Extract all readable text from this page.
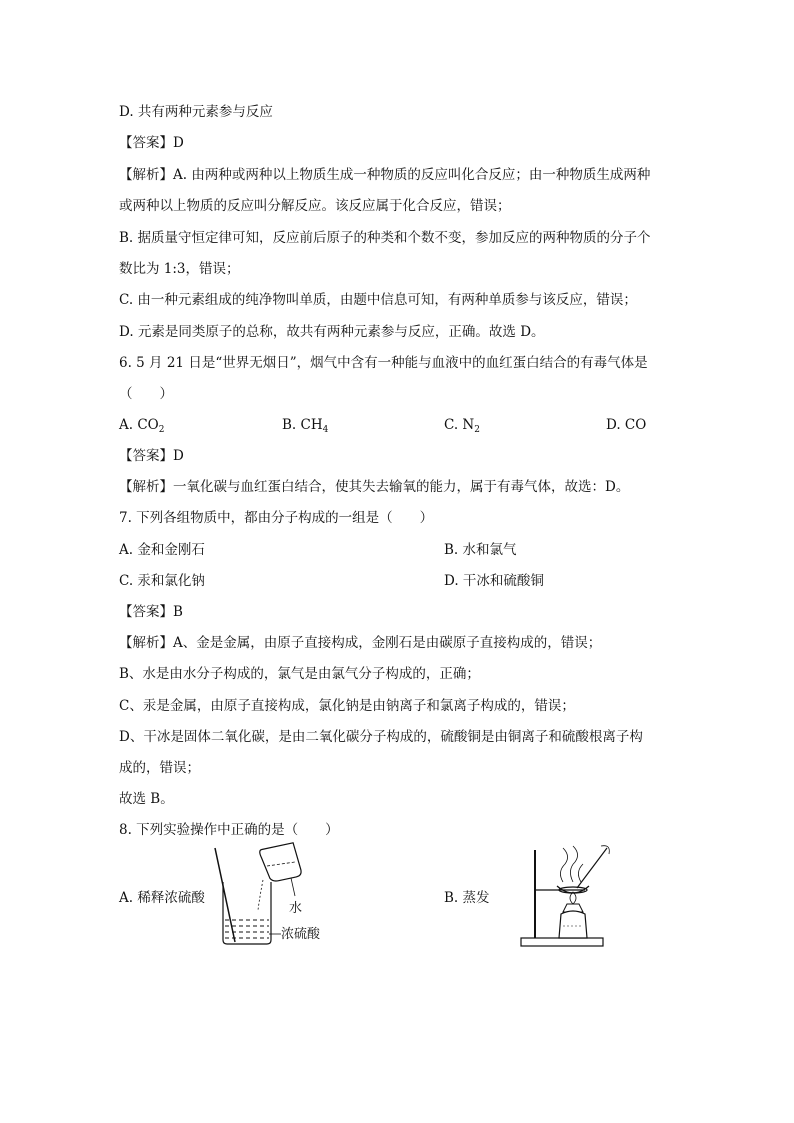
D. 共有两种元素参与反应
【答案】D
【解析】A. 由两种或两种以上物质生成一种物质的反应叫化合反应；由一种物质生成两种
或两种以上物质的反应叫分解反应。该反应属于化合反应，错误；
B. 据质量守恒定律可知，反应前后原子的种类和个数不变，参加反应的两种物质的分子个
数比为 1:3，错误；
C. 由一种元素组成的纯净物叫单质，由题中信息可知，有两种单质参与该反应，错误；
D. 元素是同类原子的总称，故共有两种元素参与反应，正确。故选 D。
6. 5 月 21 日是“世界无烟日”，烟气中含有一种能与血液中的血红蛋白结合的有毒气体是
（　　）
A. $CO_2$	B. $CH_4$	C. $N_2$	D. CO
【答案】D
【解析】一氧化碳与血红蛋白结合，使其失去输氧的能力，属于有毒气体，故选：D。
7. 下列各组物质中，都由分子构成的一组是（　　）
A. 金和金刚石	B. 水和氯气
C. 汞和氯化钠	D. 干冰和硫酸铜
【答案】B
【解析】A、金是金属，由原子直接构成，金刚石是由碳原子直接构成的，错误；
B、水是由水分子构成的，氯气是由氯气分子构成的，正确；
C、汞是金属，由原子直接构成，氯化钠是由钠离子和氯离子构成的，错误；
D、干冰是固体二氧化碳，是由二氧化碳分子构成的，硫酸铜是由铜离子和硫酸根离子构
成的，错误；
故选 B。
8. 下列实验操作中正确的是（　　）
A. 稀释浓硫酸	B. 蒸发
水
浓硫酸
